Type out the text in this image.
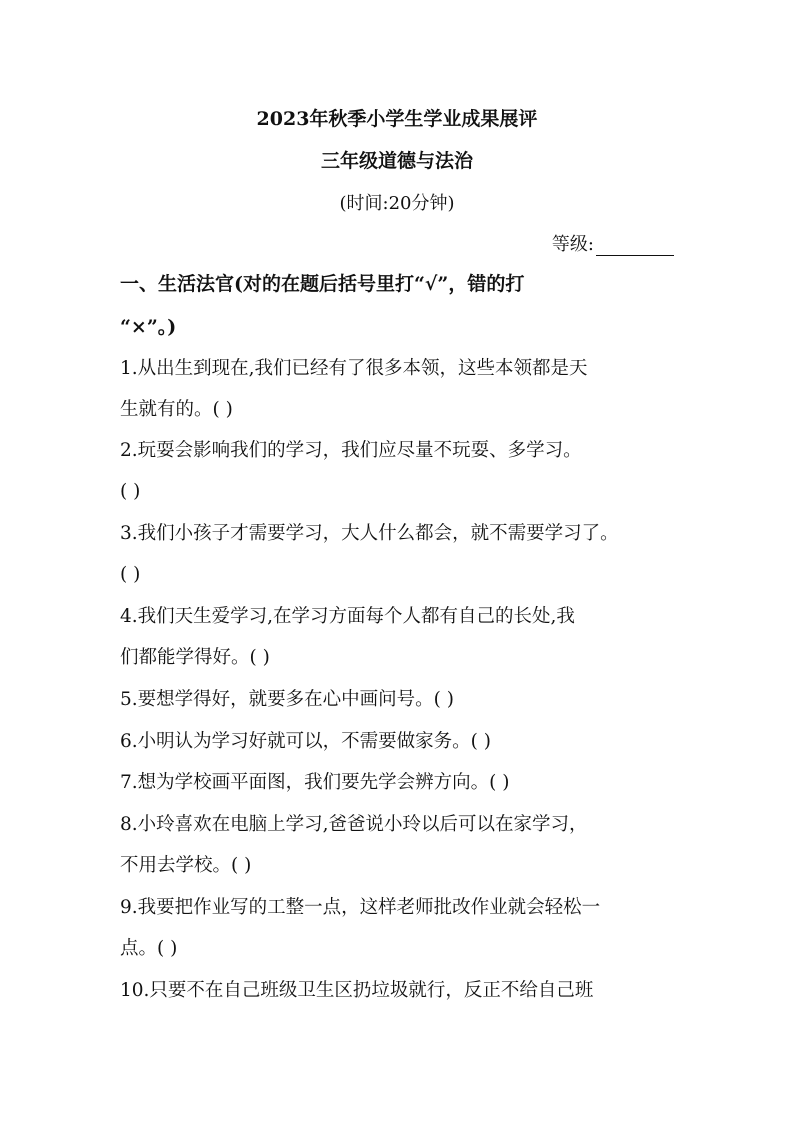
2023年秋季小学生学业成果展评
三年级道德与法治
(时间:20分钟)
等级:
一、生活法官(对的在题后括号里打“√”，错的打
“×”。)
1.从出生到现在,我们已经有了很多本领，这些本领都是天
生就有的。( )
2.玩耍会影响我们的学习，我们应尽量不玩耍、多学习。
( )
3.我们小孩子才需要学习，大人什么都会，就不需要学习了。
( )
4.我们天生爱学习,在学习方面每个人都有自己的长处,我
们都能学得好。( )
5.要想学得好，就要多在心中画问号。( )
6.小明认为学习好就可以，不需要做家务。( )
7.想为学校画平面图，我们要先学会辨方向。( )
8.小玲喜欢在电脑上学习,爸爸说小玲以后可以在家学习，
不用去学校。( )
9.我要把作业写的工整一点，这样老师批改作业就会轻松一
点。( )
10.只要不在自己班级卫生区扔垃圾就行，反正不给自己班
